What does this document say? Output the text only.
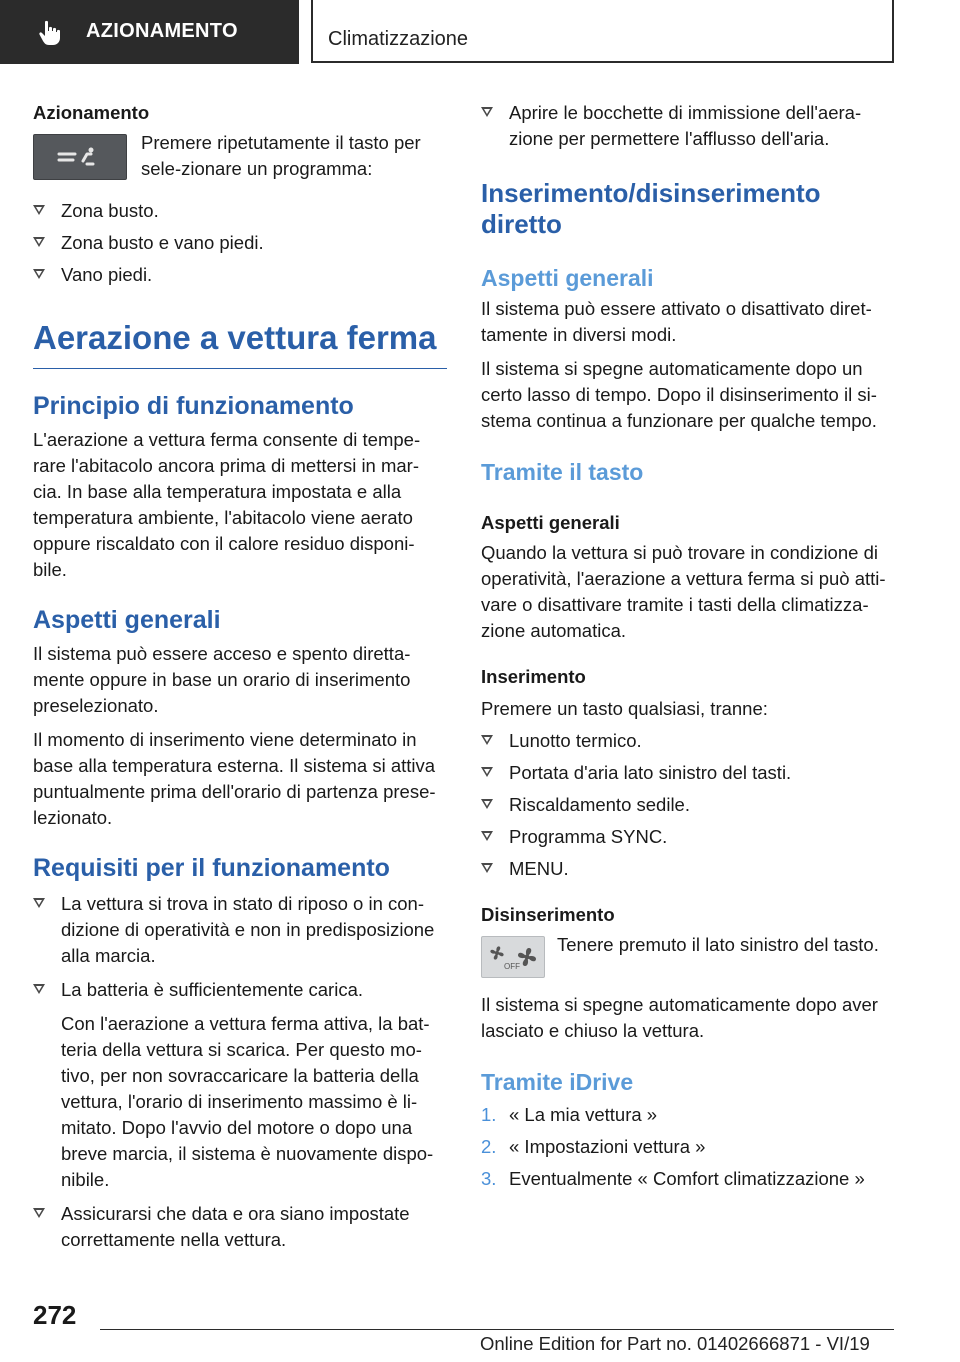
AZIONAMENTO	Climatizzazione

Azionamento

Premere ripetutamente il tasto per sele-zionare un programma:

Zona busto.
Zona busto e vano piedi.
Vano piedi.
Aerazione a vettura ferma
Principio di funzionamento

L'aerazione a vettura ferma consente di tempe-rare l'abitacolo ancora prima di mettersi in mar-cia. In base alla temperatura impostata e alla temperatura ambiente, l'abitacolo viene aerato oppure riscaldato con il calore residuo disponi-bile.

Aspetti generali

Il sistema può essere acceso e spento diretta-mente oppure in base un orario di inserimento preselezionato.

Il momento di inserimento viene determinato in base alla temperatura esterna. Il sistema si attiva puntualmente prima dell'orario di partenza prese-lezionato.

Requisiti per il funzionamento
La vettura si trova in stato di riposo o in con-dizione di operatività e non in predisposizione alla marcia.
La batteria è sufficientemente carica.

Con l'aerazione a vettura ferma attiva, la bat-teria della vettura si scarica. Per questo mo-tivo, per non sovraccaricare la batteria della vettura, l'orario di inserimento massimo è li-mitato. Dopo l'avvio del motore o dopo una breve marcia, il sistema è nuovamente dispo-nibile.

Assicurarsi che data e ora siano impostate correttamente nella vettura.
Aprire le bocchette di immissione dell'aera-zione per permettere l'afflusso dell'aria.
Inserimento/disinserimento diretto
Aspetti generali

Il sistema può essere attivato o disattivato diret-tamente in diversi modi.

Il sistema si spegne automaticamente dopo un certo lasso di tempo. Dopo il disinserimento il si-stema continua a funzionare per qualche tempo.

Tramite il tasto

Aspetti generali

Quando la vettura si può trovare in condizione di operatività, l'aerazione a vettura ferma si può atti-vare o disattivare tramite i tasti della climatizza-zione automatica.

Inserimento

Premere un tasto qualsiasi, tranne:

Lunotto termico.
Portata d'aria lato sinistro del tasti.
Riscaldamento sedile.
Programma SYNC.
MENU.

Disinserimento

OFF

Tenere premuto il lato sinistro del tasto.

Il sistema si spegne automaticamente dopo aver lasciato e chiuso la vettura.

Tramite iDrive
1. « La mia vettura »
2. « Impostazioni vettura »
3. Eventualmente « Comfort climatizzazione »
272
Online Edition for Part no. 01402666871 - VI/19
